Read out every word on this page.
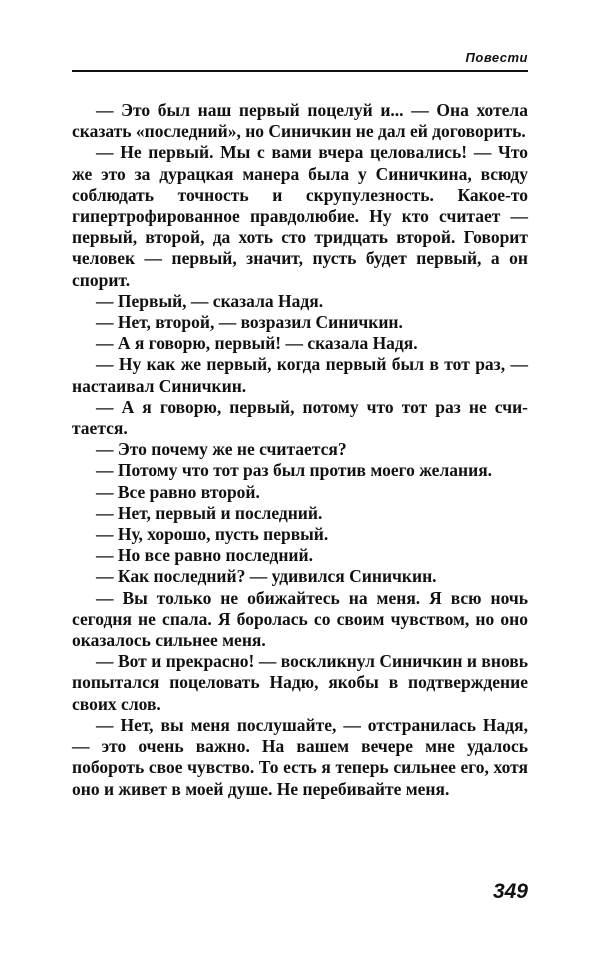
Повести

— Это был наш первый поцелуй и... — Она хотела сказать «последний», но Синичкин не дал ей договорить.

— Не первый. Мы с вами вчера целовались! — Что же это за дурацкая манера была у Синичкина, всюду соблюдать точность и скрупулезность. Какое-то гипертрофированное правдолюбие. Ну кто считает — первый, второй, да хоть сто тридцать второй. Говорит человек — первый, значит, пусть будет первый, а он спорит.

— Первый, — сказала Надя.

— Нет, второй, — возразил Синичкин.

— А я говорю, первый! — сказала Надя.

— Ну как же первый, когда первый был в тот раз, — настаивал Синичкин.

— А я говорю, первый, потому что тот раз не считается.

— Это почему же не считается?

— Потому что тот раз был против моего желания.

— Все равно второй.

— Нет, первый и последний.

— Ну, хорошо, пусть первый.

— Но все равно последний.

— Как последний? — удивился Синичкин.

— Вы только не обижайтесь на меня. Я всю ночь сегодня не спала. Я боролась со своим чувством, но оно оказалось сильнее меня.

— Вот и прекрасно! — воскликнул Синичкин и вновь попытался поцеловать Надю, якобы в подтверждение своих слов.

— Нет, вы меня послушайте, — отстранилась Надя, — это очень важно. На вашем вечере мне удалось побороть свое чувство. То есть я теперь сильнее его, хотя оно и живет в моей душе. Не перебивайте меня.

349
